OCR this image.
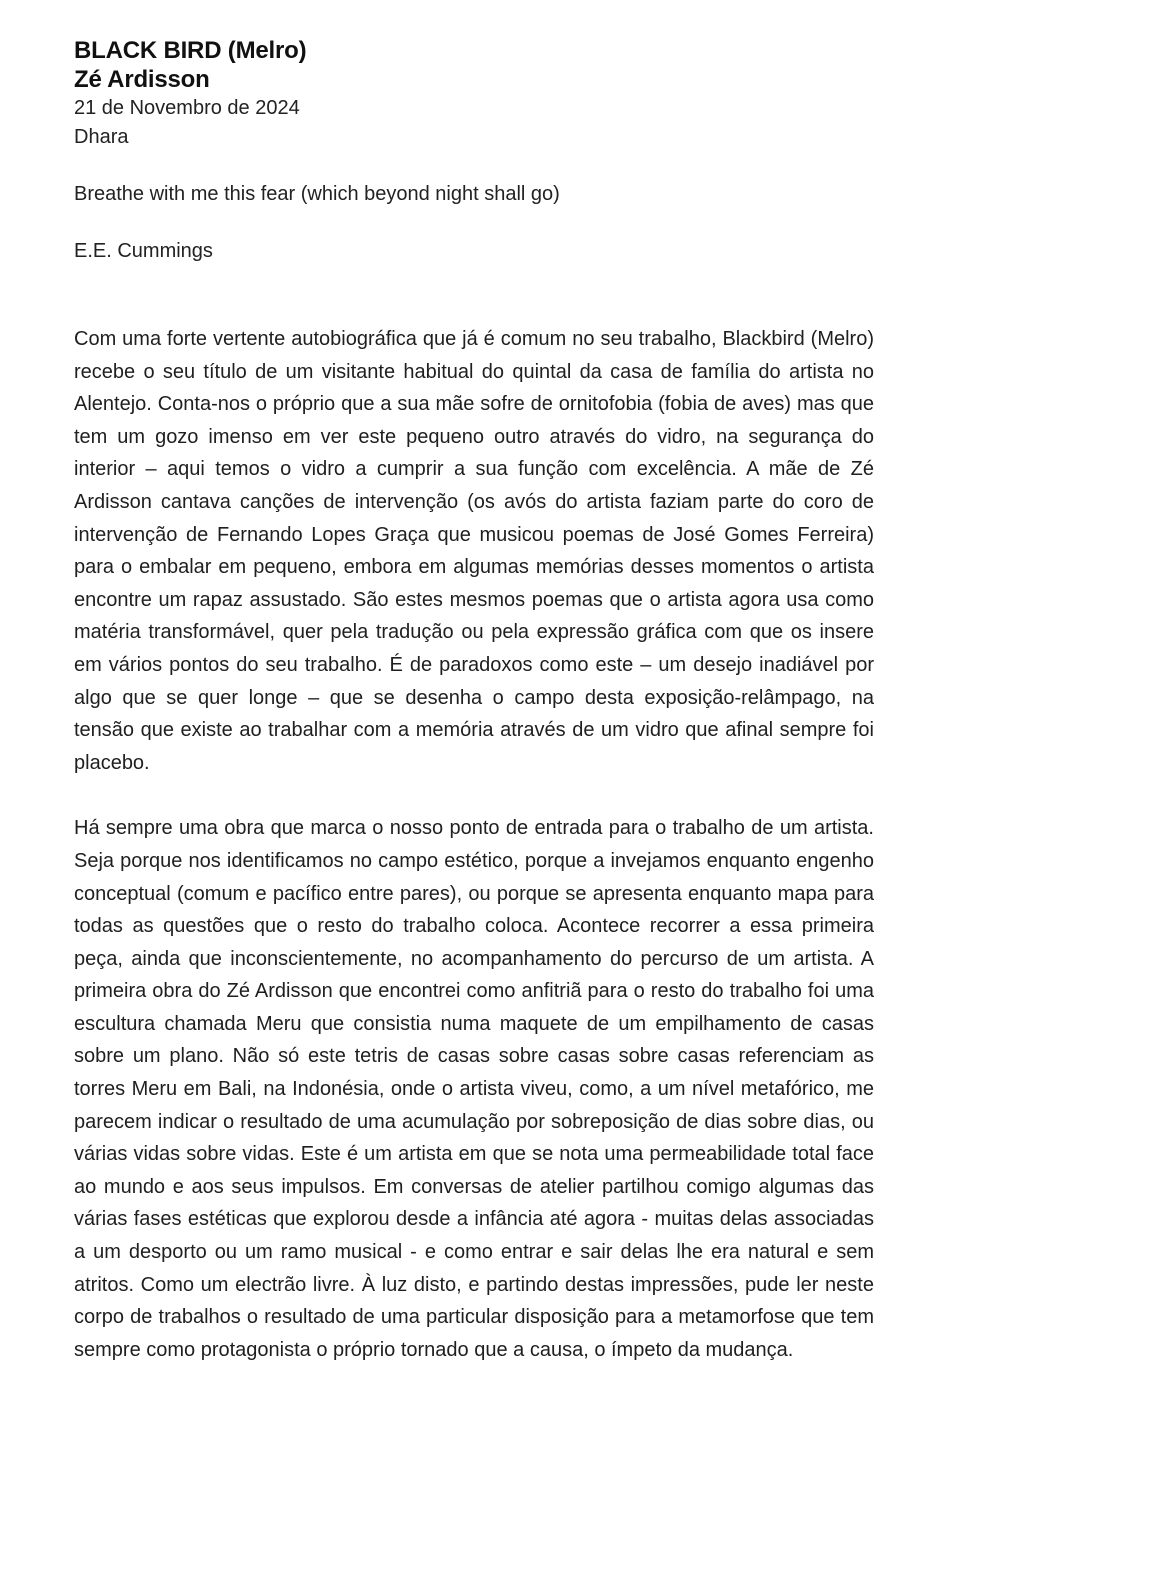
BLACK BIRD (Melro)

Zé Ardisson

21 de Novembro de 2024

Dhara

Breathe with me this fear (which beyond night shall go)

E.E. Cummings

Com uma forte vertente autobiográfica que já é comum no seu trabalho, Blackbird (Melro) recebe o seu título de um visitante habitual do quintal da casa de família do artista no Alentejo. Conta-nos o próprio que a sua mãe sofre de ornitofobia (fobia de aves) mas que tem um gozo imenso em ver este pequeno outro através do vidro, na segurança do interior – aqui temos o vidro a cumprir a sua função com excelência. A mãe de Zé Ardisson cantava canções de intervenção (os avós do artista faziam parte do coro de intervenção de Fernando Lopes Graça que musicou poemas de José Gomes Ferreira) para o embalar em pequeno, embora em algumas memórias desses momentos o artista encontre um rapaz assustado. São estes mesmos poemas que o artista agora usa como matéria transformável, quer pela tradução ou pela expressão gráfica com que os insere em vários pontos do seu trabalho. É de paradoxos como este – um desejo inadiável por algo que se quer longe – que se desenha o campo desta exposição-relâmpago, na tensão que existe ao trabalhar com a memória através de um vidro que afinal sempre foi placebo.

Há sempre uma obra que marca o nosso ponto de entrada para o trabalho de um artista. Seja porque nos identificamos no campo estético, porque a invejamos enquanto engenho conceptual (comum e pacífico entre pares), ou porque se apresenta enquanto mapa para todas as questões que o resto do trabalho coloca. Acontece recorrer a essa primeira peça, ainda que inconscientemente, no acompanhamento do percurso de um artista. A primeira obra do Zé Ardisson que encontrei como anfitriã para o resto do trabalho foi uma escultura chamada Meru que consistia numa maquete de um empilhamento de casas sobre um plano. Não só este tetris de casas sobre casas sobre casas referenciam as torres Meru em Bali, na Indonésia, onde o artista viveu, como, a um nível metafórico, me parecem indicar o resultado de uma acumulação por sobreposição de dias sobre dias, ou várias vidas sobre vidas. Este é um artista em que se nota uma permeabilidade total face ao mundo e aos seus impulsos. Em conversas de atelier partilhou comigo algumas das várias fases estéticas que explorou desde a infância até agora - muitas delas associadas a um desporto ou um ramo musical - e como entrar e sair delas lhe era natural e sem atritos. Como um electrão livre. À luz disto, e partindo destas impressões, pude ler neste corpo de trabalhos o resultado de uma particular disposição para a metamorfose que tem sempre como protagonista o próprio tornado que a causa, o ímpeto da mudança.
